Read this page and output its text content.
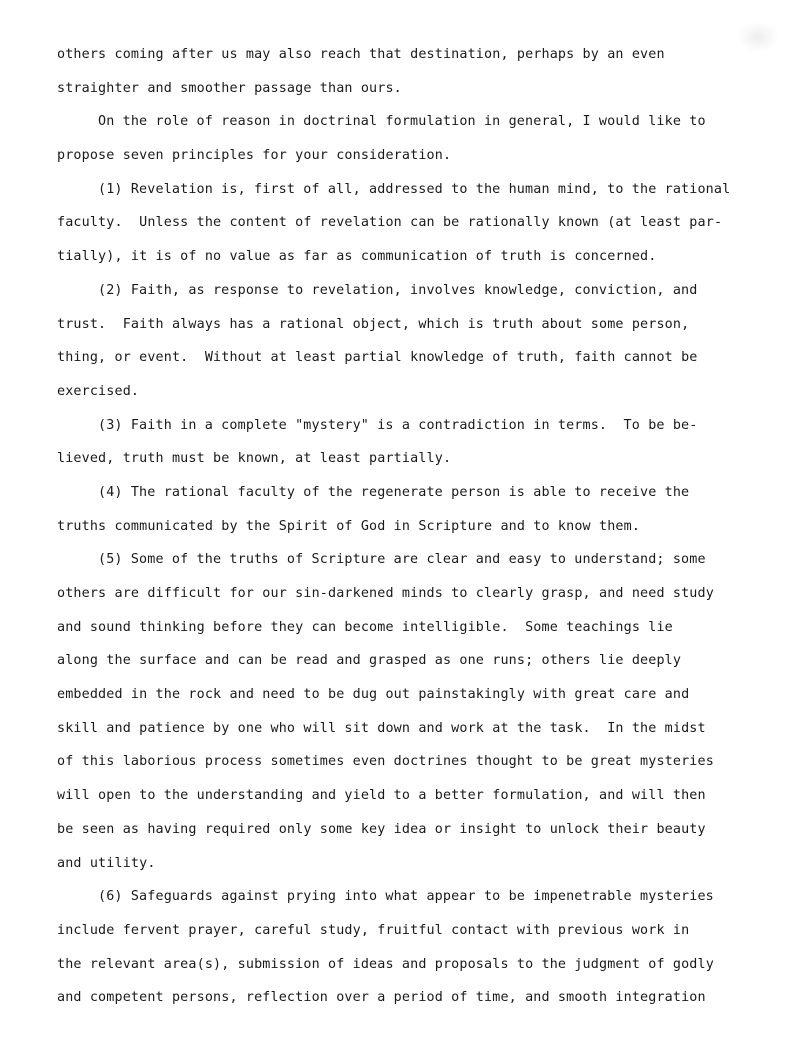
others coming after us may also reach that destination, perhaps by an even
straighter and smoother passage than ours.
On the role of reason in doctrinal formulation in general, I would like to
propose seven principles for your consideration.
(1) Revelation is, first of all, addressed to the human mind, to the rational
faculty.  Unless the content of revelation can be rationally known (at least par-
tially), it is of no value as far as communication of truth is concerned.
(2) Faith, as response to revelation, involves knowledge, conviction, and
trust.  Faith always has a rational object, which is truth about some person,
thing, or event.  Without at least partial knowledge of truth, faith cannot be
exercised.
(3) Faith in a complete "mystery" is a contradiction in terms.  To be be-
lieved, truth must be known, at least partially.
(4) The rational faculty of the regenerate person is able to receive the
truths communicated by the Spirit of God in Scripture and to know them.
(5) Some of the truths of Scripture are clear and easy to understand; some
others are difficult for our sin-darkened minds to clearly grasp, and need study
and sound thinking before they can become intelligible.  Some teachings lie
along the surface and can be read and grasped as one runs; others lie deeply
embedded in the rock and need to be dug out painstakingly with great care and
skill and patience by one who will sit down and work at the task.  In the midst
of this laborious process sometimes even doctrines thought to be great mysteries
will open to the understanding and yield to a better formulation, and will then
be seen as having required only some key idea or insight to unlock their beauty
and utility.
(6) Safeguards against prying into what appear to be impenetrable mysteries
include fervent prayer, careful study, fruitful contact with previous work in
the relevant area(s), submission of ideas and proposals to the judgment of godly
and competent persons, reflection over a period of time, and smooth integration
